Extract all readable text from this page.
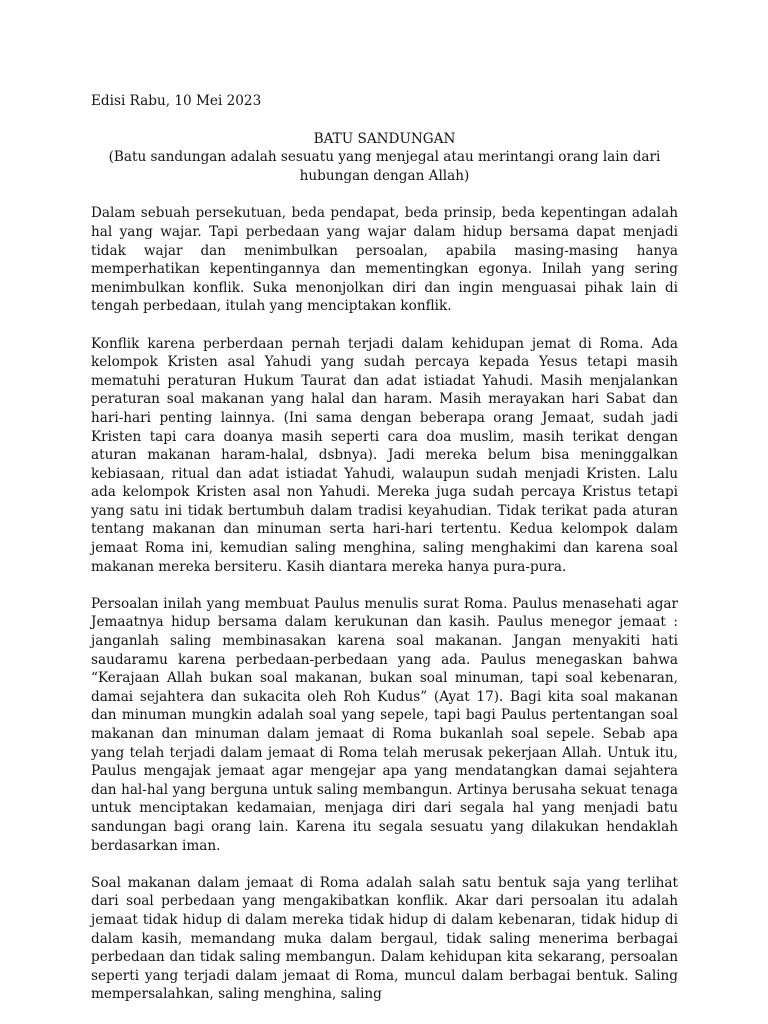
Edisi Rabu, 10 Mei 2023

BATU SANDUNGAN

(Batu sandungan adalah sesuatu yang menjegal atau merintangi orang lain dari hubungan dengan Allah)

Dalam sebuah persekutuan, beda pendapat, beda prinsip, beda kepentingan adalah hal yang wajar. Tapi perbedaan yang wajar dalam hidup bersama dapat menjadi tidak wajar dan menimbulkan persoalan, apabila masing-masing hanya memperhatikan kepentingannya dan mementingkan egonya. Inilah yang sering menimbulkan konflik. Suka menonjolkan diri dan ingin menguasai pihak lain di tengah perbedaan, itulah yang menciptakan konflik.

Konflik karena perberdaan pernah terjadi dalam kehidupan jemat di Roma. Ada kelompok Kristen asal Yahudi yang sudah percaya kepada Yesus tetapi masih mematuhi peraturan Hukum Taurat dan adat istiadat Yahudi. Masih menjalankan peraturan soal makanan yang halal dan haram. Masih merayakan hari Sabat dan hari-hari penting lainnya. (Ini sama dengan beberapa orang Jemaat, sudah jadi Kristen tapi cara doanya masih seperti cara doa muslim, masih terikat dengan aturan makanan haram-halal, dsbnya). Jadi mereka belum bisa meninggalkan kebiasaan, ritual dan adat istiadat Yahudi, walaupun sudah menjadi Kristen. Lalu ada kelompok Kristen asal non Yahudi. Mereka juga sudah percaya Kristus tetapi yang satu ini tidak bertumbuh dalam tradisi keyahudian. Tidak terikat pada aturan tentang makanan dan minuman serta hari-hari tertentu. Kedua kelompok dalam jemaat Roma ini, kemudian saling menghina, saling menghakimi dan karena soal makanan mereka bersiteru. Kasih diantara mereka hanya pura-pura.

Persoalan inilah yang membuat Paulus menulis surat Roma. Paulus menasehati agar Jemaatnya hidup bersama dalam kerukunan dan kasih. Paulus menegor jemaat : janganlah saling membinasakan karena soal makanan. Jangan menyakiti hati saudaramu karena perbedaan-perbedaan yang ada. Paulus menegaskan bahwa “Kerajaan Allah bukan soal makanan, bukan soal minuman, tapi soal kebenaran, damai sejahtera dan sukacita oleh Roh Kudus” (Ayat 17). Bagi kita soal makanan dan minuman mungkin adalah soal yang sepele, tapi bagi Paulus pertentangan soal makanan dan minuman dalam jemaat di Roma bukanlah soal sepele. Sebab apa yang telah terjadi dalam jemaat di Roma telah merusak pekerjaan Allah. Untuk itu, Paulus mengajak jemaat agar mengejar apa yang mendatangkan damai sejahtera dan hal-hal yang berguna untuk saling membangun. Artinya berusaha sekuat tenaga untuk menciptakan kedamaian, menjaga diri dari segala hal yang menjadi batu sandungan bagi orang lain. Karena itu segala sesuatu yang dilakukan hendaklah berdasarkan iman.

Soal makanan dalam jemaat di Roma adalah salah satu bentuk saja yang terlihat dari soal perbedaan yang mengakibatkan konflik. Akar dari persoalan itu adalah jemaat tidak hidup di dalam mereka tidak hidup di dalam kebenaran, tidak hidup di dalam kasih, memandang muka dalam bergaul, tidak saling menerima berbagai perbedaan dan tidak saling membangun. Dalam kehidupan kita sekarang, persoalan seperti yang terjadi dalam jemaat di Roma, muncul dalam berbagai bentuk. Saling mempersalahkan, saling menghina, saling
